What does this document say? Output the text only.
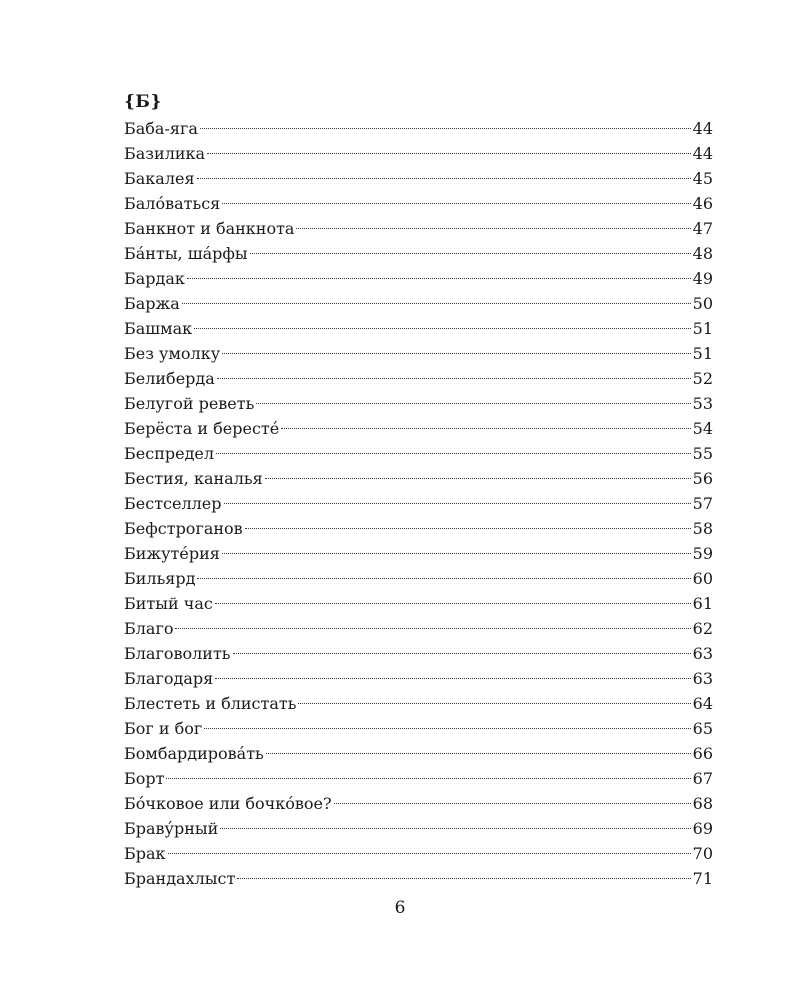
{Б}
Баба-яга	44
Базилика	44
Бакалея	45
Бало́ваться	46
Банкнот и банкнота	47
Ба́нты, ша́рфы	48
Бардак	49
Баржа	50
Башмак	51
Без умолку	51
Белиберда	52
Белугой реветь	53
Берёста и бересте́	54
Беспредел	55
Бестия, каналья	56
Бестселлер	57
Бефстроганов	58
Бижуте́рия	59
Бильярд	60
Битый час	61
Благо	62
Благоволить	63
Благодаря	63
Блестеть и блистать	64
Бог и бог	65
Бомбардирова́ть	66
Борт	67
Бо́чковое или бочко́вое?	68
Браву́рный	69
Брак	70
Брандахлыст	71
6
